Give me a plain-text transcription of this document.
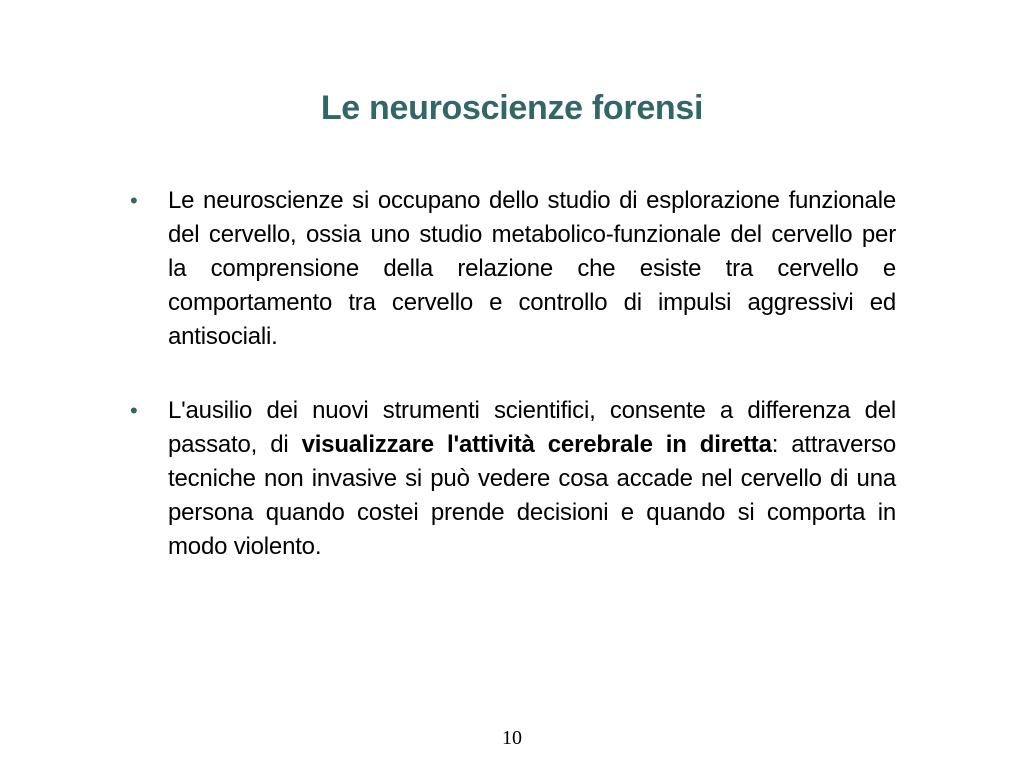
Le neuroscienze forensi
• Le neuroscienze si occupano dello studio di esplorazione funzionale del cervello, ossia uno studio metabolico-funzionale del cervello per la comprensione della relazione che esiste tra cervello e comportamento tra cervello e controllo di impulsi aggressivi ed antisociali.
• L'ausilio dei nuovi strumenti scientifici, consente a differenza del passato, di visualizzare l'attività cerebrale in diretta: attraverso tecniche non invasive si può vedere cosa accade nel cervello di una persona quando costei prende decisioni e quando si comporta in modo violento.
10
